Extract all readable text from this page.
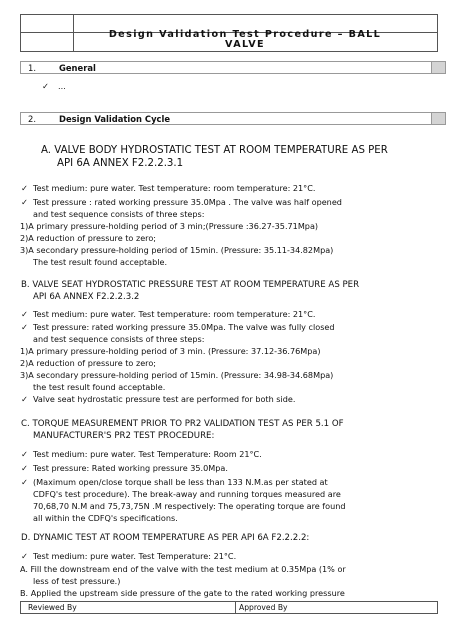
Design Validation Test Procedure – BALL
VALVE
1.	General
✓ ...
2.	Design Validation Cycle
A. VALVE BODY HYDROSTATIC TEST AT ROOM TEMPERATURE AS PER
API 6A ANNEX F2.2.2.3.1
✓ Test medium: pure water. Test temperature: room temperature: 21°C.
✓ Test pressure : rated working pressure 35.0Mpa . The valve was half opened
and test sequence consists of three steps:
1)A primary pressure-holding period of 3 min;(Pressure :36.27-35.71Mpa)
2)A reduction of pressure to zero;
3)A secondary pressure-holding period of 15min. (Pressure: 35.11-34.82Mpa)
The test result found acceptable.
B. VALVE SEAT HYDROSTATIC PRESSURE TEST AT ROOM TEMPERATURE AS PER
API 6A ANNEX F2.2.2.3.2
✓ Test medium: pure water. Test temperature: room temperature: 21°C.
✓ Test pressure: rated working pressure 35.0Mpa. The valve was fully closed
and test sequence consists of three steps:
1)A primary pressure-holding period of 3 min. (Pressure: 37.12-36.76Mpa)
2)A reduction of pressure to zero;
3)A secondary pressure-holding period of 15min. (Pressure: 34.98-34.68Mpa)
the test result found acceptable.
✓ Valve seat hydrostatic pressure test are performed for both side.
C. TORQUE MEASUREMENT PRIOR TO PR2 VALIDATION TEST AS PER 5.1 OF
MANUFACTURER'S PR2 TEST PROCEDURE:
✓ Test medium: pure water. Test Temperature: Room 21°C.
✓ Test pressure: Rated working pressure 35.0Mpa.
✓ (Maximum open/close torque shall be less than 133 N.M.as per stated at
CDFQ's test procedure). The break-away and running torques measured are
70,68,70 N.M and 75,73,75N .M respectively: The operating torque are found
all within the CDFQ's specifications.
D. DYNAMIC TEST AT ROOM TEMPERATURE AS PER API 6A F2.2.2.2:
✓ Test medium: pure water. Test Temperature: 21°C.
A. Fill the downstream end of the valve with the test medium at 0.35Mpa (1% or
less of test pressure.)
B. Applied the upstream side pressure of the gate to the rated working pressure
Reviewed By	Approved By
